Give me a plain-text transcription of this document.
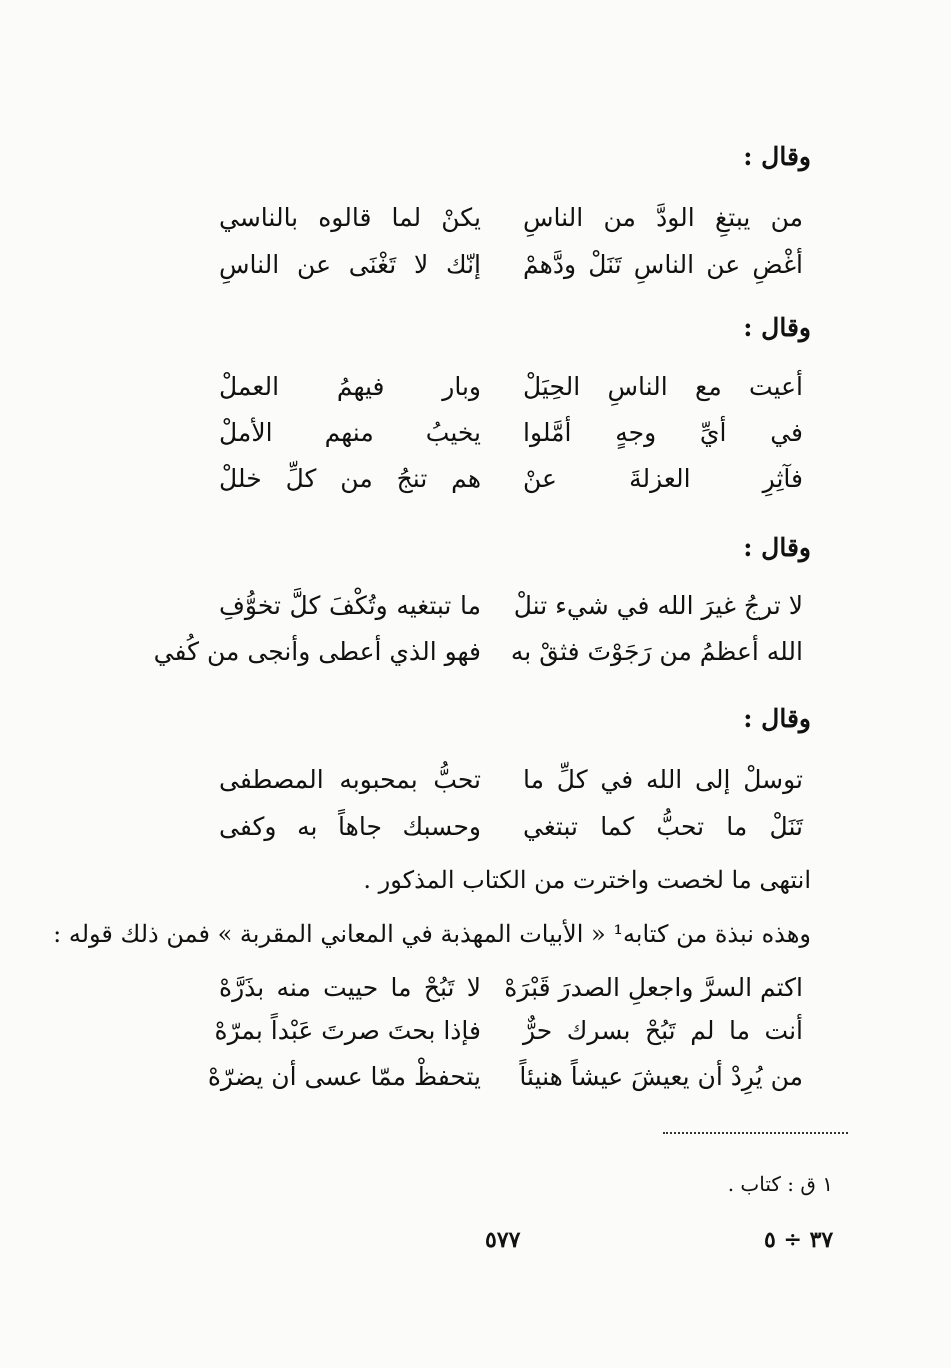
وقال :
من يبتغِ الودَّ من الناسِ
يكنْ لما قالوه بالناسي
أغْضِ عن الناسِ تَنَلْ ودَّهمْ
إنّك لا تَغْنَى عن الناسِ
وقال :
أعيت مع الناسِ الحِيَلْ
وبار فيهمُ العملْ
في أيِّ وجهٍ أمَّلوا
يخيبُ منهم الأملْ
فآثِرِ العزلةَ عنْ
هم تنجُ من كلِّ خللْ
وقال :
لا ترجُ غيرَ الله في شيء تنلْ
ما تبتغيه وتُكْفَ كلَّ تخوُّفِ
الله أعظمُ من رَجَوْتَ فثقْ به
فهو الذي أعطى وأنجى من كُفي
وقال :
توسلْ إلى الله في كلِّ ما
تحبُّ بمحبوبه المصطفى
تَنَلْ ما تحبُّ كما تبتغي
وحسبك جاهاً به وكفى
انتهى ما لخصت واخترت من الكتاب المذكور .
وهذه نبذة من كتابه¹ « الأبيات المهذبة في المعاني المقربة » فمن ذلك قوله :
اكتم السرَّ واجعلِ الصدرَ قَبْرَهْ
لا تَبُحْ ما حييت منه بذَرَّهْ
أنت ما لم تَبُحْ بسرك حرٌّ
فإذا بحتَ صرتَ عَبْداً بمرّهْ
من يُرِدْ أن يعيشَ عيشاً هنيئاً
يتحفظْ ممّا عسى أن يضرّهْ
١ ق : كتاب .
٥٧٧	٣٧ ÷ ٥
